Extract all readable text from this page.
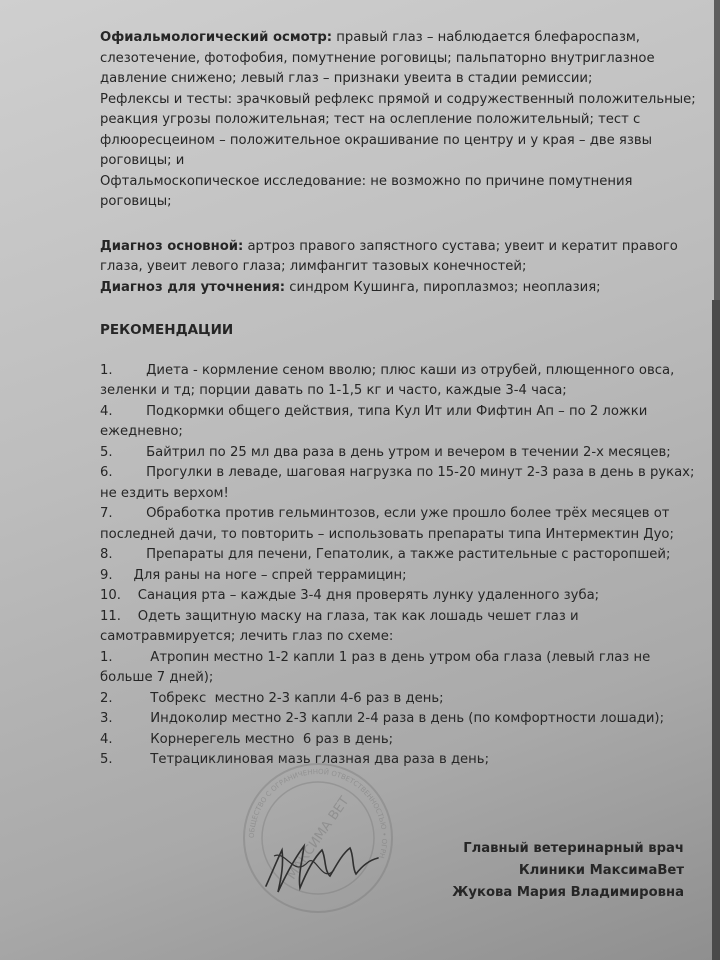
Офиальмологический осмотр: правый глаз – наблюдается блефароспазм,

слезотечение, фотофобия, помутнение роговицы; пальпаторно внутриглазное

давление снижено; левый глаз – признаки увеита в стадии ремиссии;

Рефлексы и тесты: зрачковый рефлекс прямой и содружественный положительные;

реакция угрозы положительная; тест на ослепление положительный; тест с

флюоресцеином – положительное окрашивание по центру и у края – две язвы

роговицы; и

Офтальмоскопическое исследование: не возможно по причине помутнения

роговицы;

Диагноз основной: артроз правого запястного сустава; увеит и кератит правого

глаза, увеит левого глаза; лимфангит тазовых конечностей;

Диагноз для уточнения: синдром Кушинга, пироплазмоз; неоплазия;

РЕКОМЕНДАЦИИ

1.        Диета - кормление сеном вволю; плюс каши из отрубей, плющенного овса,

зеленки и тд; порции давать по 1-1,5 кг и часто, каждые 3-4 часа;

4.        Подкормки общего действия, типа Кул Ит или Фифтин Ап – по 2 ложки

ежедневно;

5.        Байтрил по 25 мл два раза в день утром и вечером в течении 2-х месяцев;

6.        Прогулки в леваде, шаговая нагрузка по 15-20 минут 2-3 раза в день в руках;

не ездить верхом!

7.        Обработка против гельминтозов, если уже прошло более трёх месяцев от

последней дачи, то повторить – использовать препараты типа Интермектин Дуо;

8.        Препараты для печени, Гепатолик, а также растительные с расторопшей;

9.     Для раны на ноге – спрей террамицин;

10.    Санация рта – каждые 3-4 дня проверять лунку удаленного зуба;

11.    Одеть защитную маску на глаза, так как лошадь чешет глаз и

самотравмируется; лечить глаз по схеме:

1.         Атропин местно 1-2 капли 1 раз в день утром оба глаза (левый глаз не

больше 7 дней);

2.         Тобрекс  местно 2-3 капли 4-6 раз в день;

3.         Индоколир местно 2-3 капли 2-4 раза в день (по комфортности лошади);

4.         Корнерегель местно  6 раз в день;

5.         Тетрациклиновая мазь глазная два раза в день;

ОБЩЕСТВО С ОГРАНИЧЕННОЙ ОТВЕТСТВЕННОСТЬЮ • ОГРН
МАКСИМА ВЕТ	Главный ветеринарный врач
Клиники МаксимаВет
Жукова Мария Владимировна
